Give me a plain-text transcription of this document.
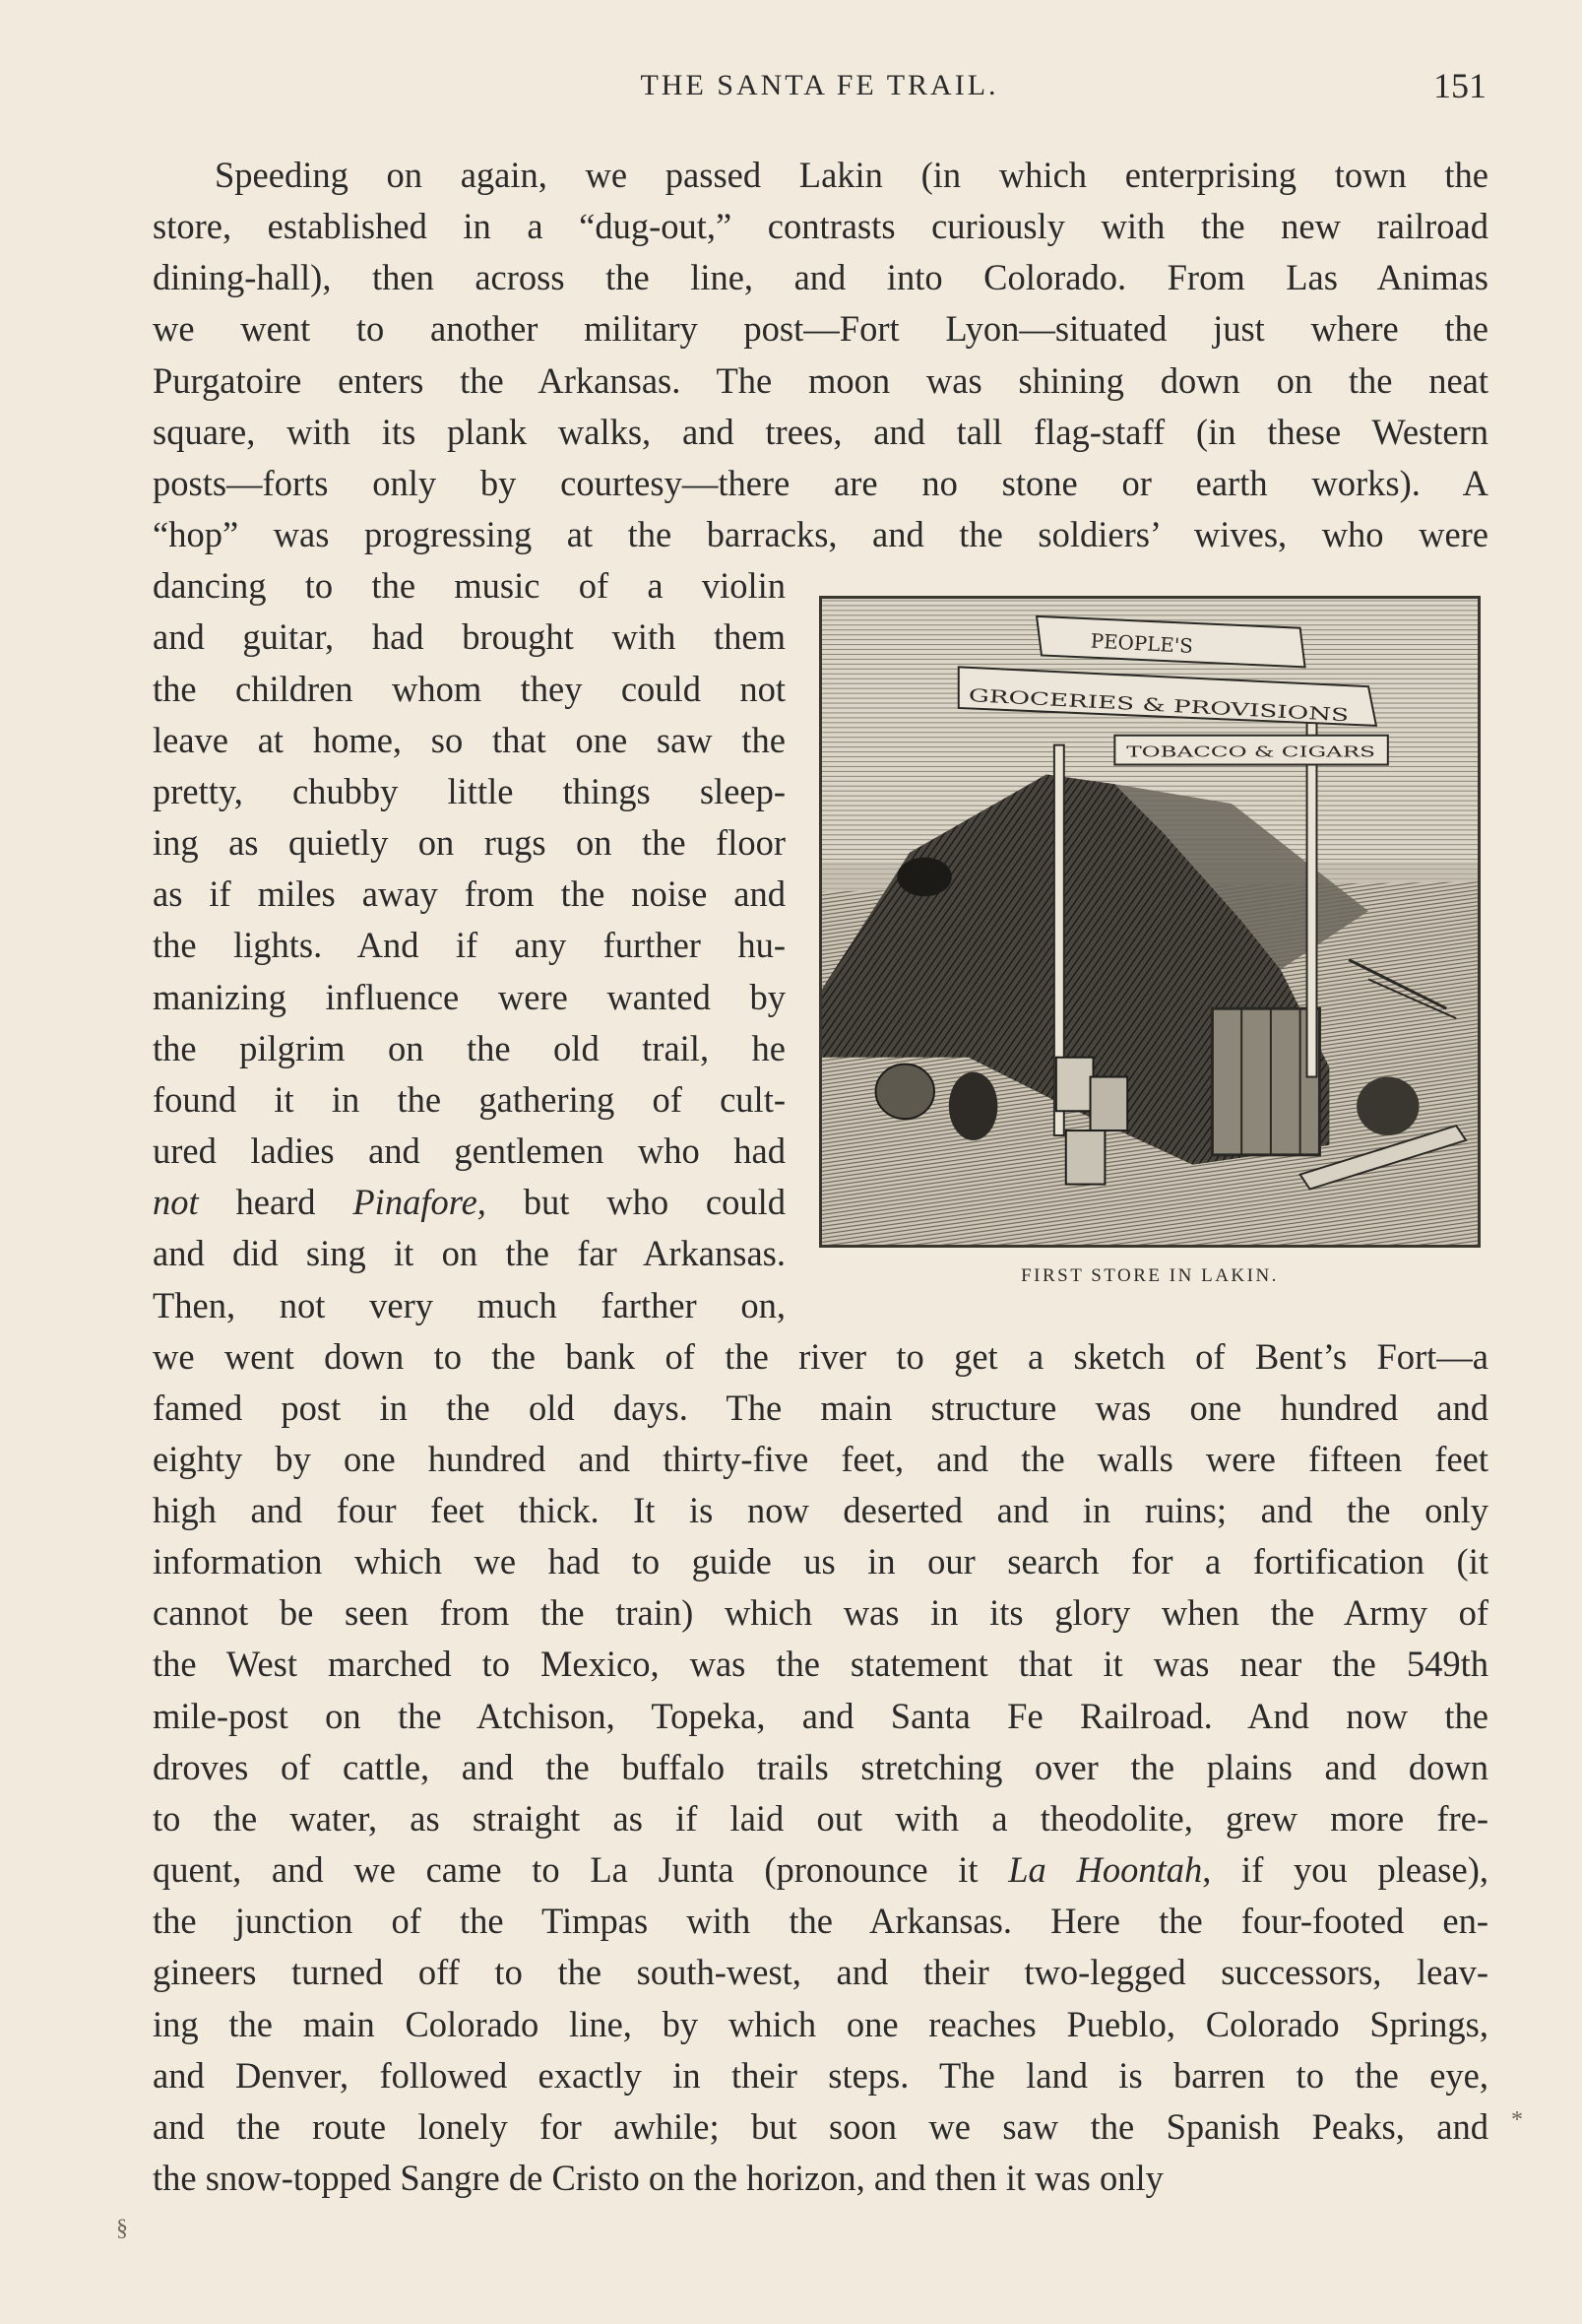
THE SANTA FE TRAIL.	151
Speeding on again, we passed Lakin (in which enterprising town the
store, established in a “dug-out,” contrasts curiously with the new railroad
dining-hall), then across the line, and into Colorado. From Las Animas
we went to another military post—Fort Lyon—situated just where the
Purgatoire enters the Arkansas. The moon was shining down on the neat
square, with its plank walks, and trees, and tall flag-staff (in these Western
posts—forts only by courtesy—there are no stone or earth works). A
“hop” was progressing at the barracks, and the soldiers’ wives, who were
dancing to the music of a violin
and guitar, had brought with them
the children whom they could not
leave at home, so that one saw the
pretty, chubby little things sleep-
ing as quietly on rugs on the floor
as if miles away from the noise and
the lights. And if any further hu-
manizing influence were wanted by
the pilgrim on the old trail, he
found it in the gathering of cult-
ured ladies and gentlemen who had
not heard Pinafore, but who could
and did sing it on the far Arkansas.
Then, not very much farther on,
we went down to the bank of the river to get a sketch of Bent’s Fort—a
famed post in the old days. The main structure was one hundred and
eighty by one hundred and thirty-five feet, and the walls were fifteen feet
high and four feet thick. It is now deserted and in ruins; and the only
information which we had to guide us in our search for a fortification (it
cannot be seen from the train) which was in its glory when the Army of
the West marched to Mexico, was the statement that it was near the 549th
mile-post on the Atchison, Topeka, and Santa Fe Railroad. And now the
droves of cattle, and the buffalo trails stretching over the plains and down
to the water, as straight as if laid out with a theodolite, grew more fre-
quent, and we came to La Junta (pronounce it La Hoontah, if you please),
the junction of the Timpas with the Arkansas. Here the four-footed en-
gineers turned off to the south-west, and their two-legged successors, leav-
ing the main Colorado line, by which one reaches Pueblo, Colorado Springs,
and Denver, followed exactly in their steps. The land is barren to the eye,
and the route lonely for awhile; but soon we saw the Spanish Peaks, and
the snow-topped Sangre de Cristo on the horizon, and then it was only
PEOPLE'S
GROCERIES & PROVISIONS
TOBACCO & CIGARS
FIRST STORE IN LAKIN.
§
*
